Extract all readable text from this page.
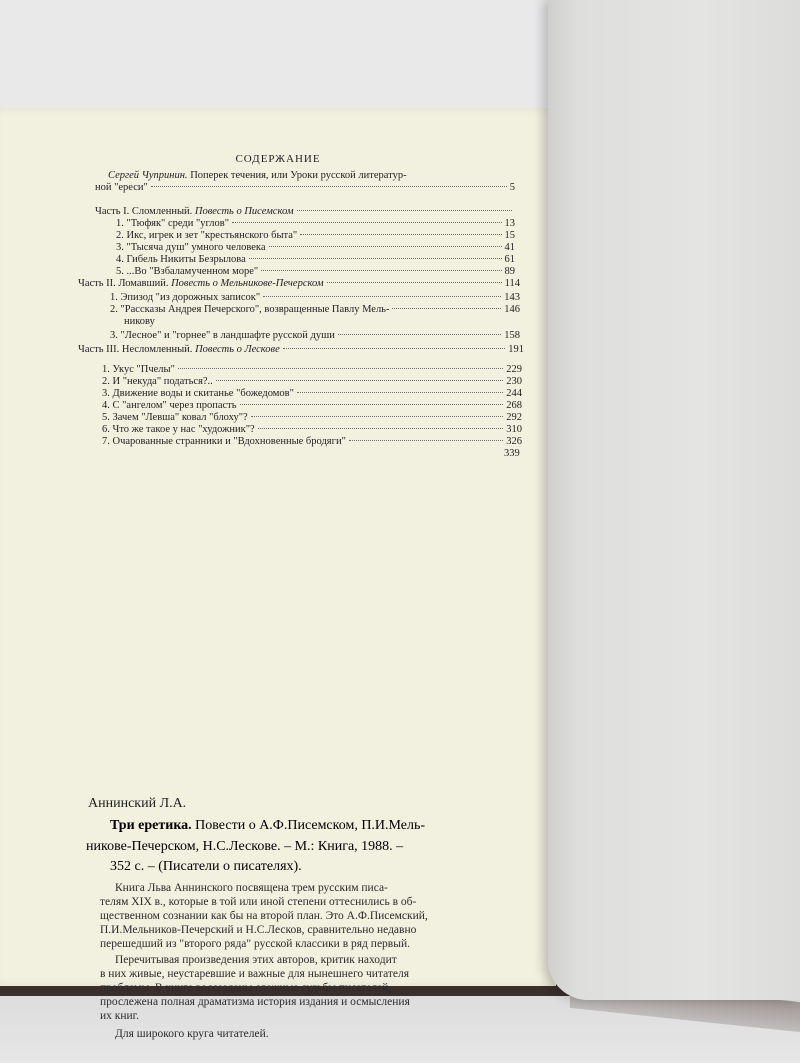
СОДЕРЖАНИЕ
Сергей Чупринин. Поперек течения, или Уроки русской литератур-
ной "ереси"	5
Часть I. Сломленный. Повесть о Писемском
1. "Тюфяк" среди "углов"	13
2. Икс, игрек и зет "крестьянского быта"	15
3. "Тысяча душ" умного человека	41
4. Гибель Никиты Безрылова	61
5. ...Во "Взбаламученном море"	89
Часть II. Ломавший. Повесть о Мельникове-Печерском	114
1. Эпизод "из дорожных записок"	143
2. "Рассказы Андрея Печерского", возвращенные Павлу Мель-	146
никову
3. "Лесное" и "горнее" в ландшафте русской души	158
Часть III. Несломленный. Повесть о Лескове	191
1. Укус "Пчелы"	229
2. И "некуда" податься?..	230
3. Движение воды и скитанье "божедомов"	244
4. С "ангелом" через пропасть	268
5. Зачем "Левша" ковал "блоху"?	292
6. Что же такое у нас "художник"?	310
7. Очарованные странники и "Вдохновенные бродяги"	326
339
Аннинский Л.А.
Три еретика. Повести о А.Ф.Писемском, П.И.Мель-
никове-Печерском, Н.С.Лескове. – М.: Книга, 1988. –
352 с. – (Писатели о писателях).
Книга Льва Аннинского посвящена трем русским писа-
телям XIX в., которые в той или иной степени оттеснились в об-
щественном сознании как бы на второй план. Это А.Ф.Писемский,
П.И.Мельников-Печерский и Н.С.Лесков, сравнительно недавно
перешедший из "второго ряда" русской классики в ряд первый.
Перечитывая произведения этих авторов, критик находит
в них живые, неустаревшие и важные для нынешнего читателя
проблемы. В книге воссозданы сложные судьбы писателей,
прослежена полная драматизма история издания и осмысления
их книг.
Для широкого круга читателей.
